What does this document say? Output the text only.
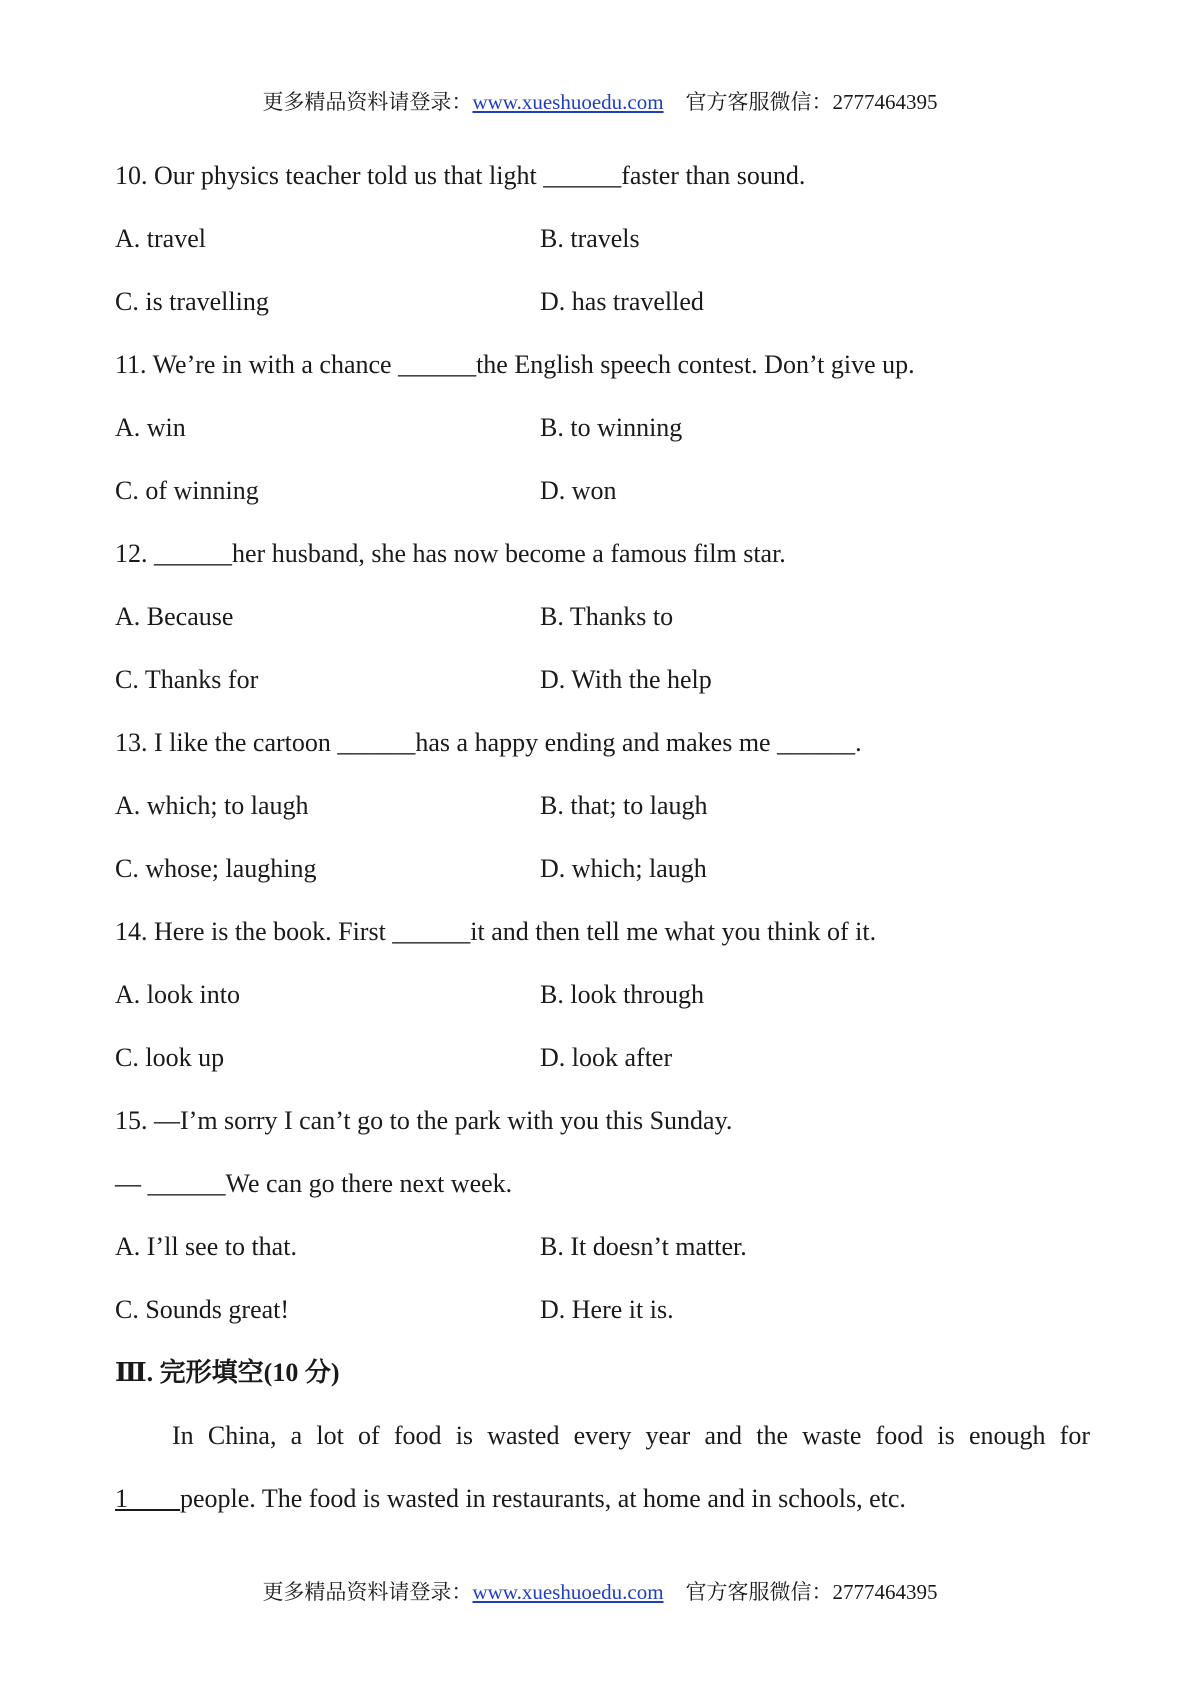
更多精品资料请登录：www.xueshuoedu.com 官方客服微信：2777464395
10. Our physics teacher told us that light ______faster than sound.
A. travel	B. travels
C. is travelling	D. has travelled
11. We’re in with a chance ______the English speech contest. Don’t give up.
A. win	B. to winning
C. of winning	D. won
12. ______her husband, she has now become a famous film star.
A. Because	B. Thanks to
C. Thanks for	D. With the help
13. I like the cartoon ______has a happy ending and makes me ______.
A. which; to laugh	B. that; to laugh
C. whose; laughing	D. which; laugh
14. Here is the book. First ______it and then tell me what you think of it.
A. look into	B. look through
C. look up	D. look after
15. —I’m sorry I can’t go to the park with you this Sunday.
— ______We can go there next week.
A. I’ll see to that.	B. It doesn’t matter.
C. Sounds great!	D. Here it is.
Ⅲ. 完形填空(10 分)
In China, a lot of food is wasted every year and the waste food is enough for
1____people. The food is wasted in restaurants, at home and in schools, etc.
更多精品资料请登录：www.xueshuoedu.com 官方客服微信：2777464395
